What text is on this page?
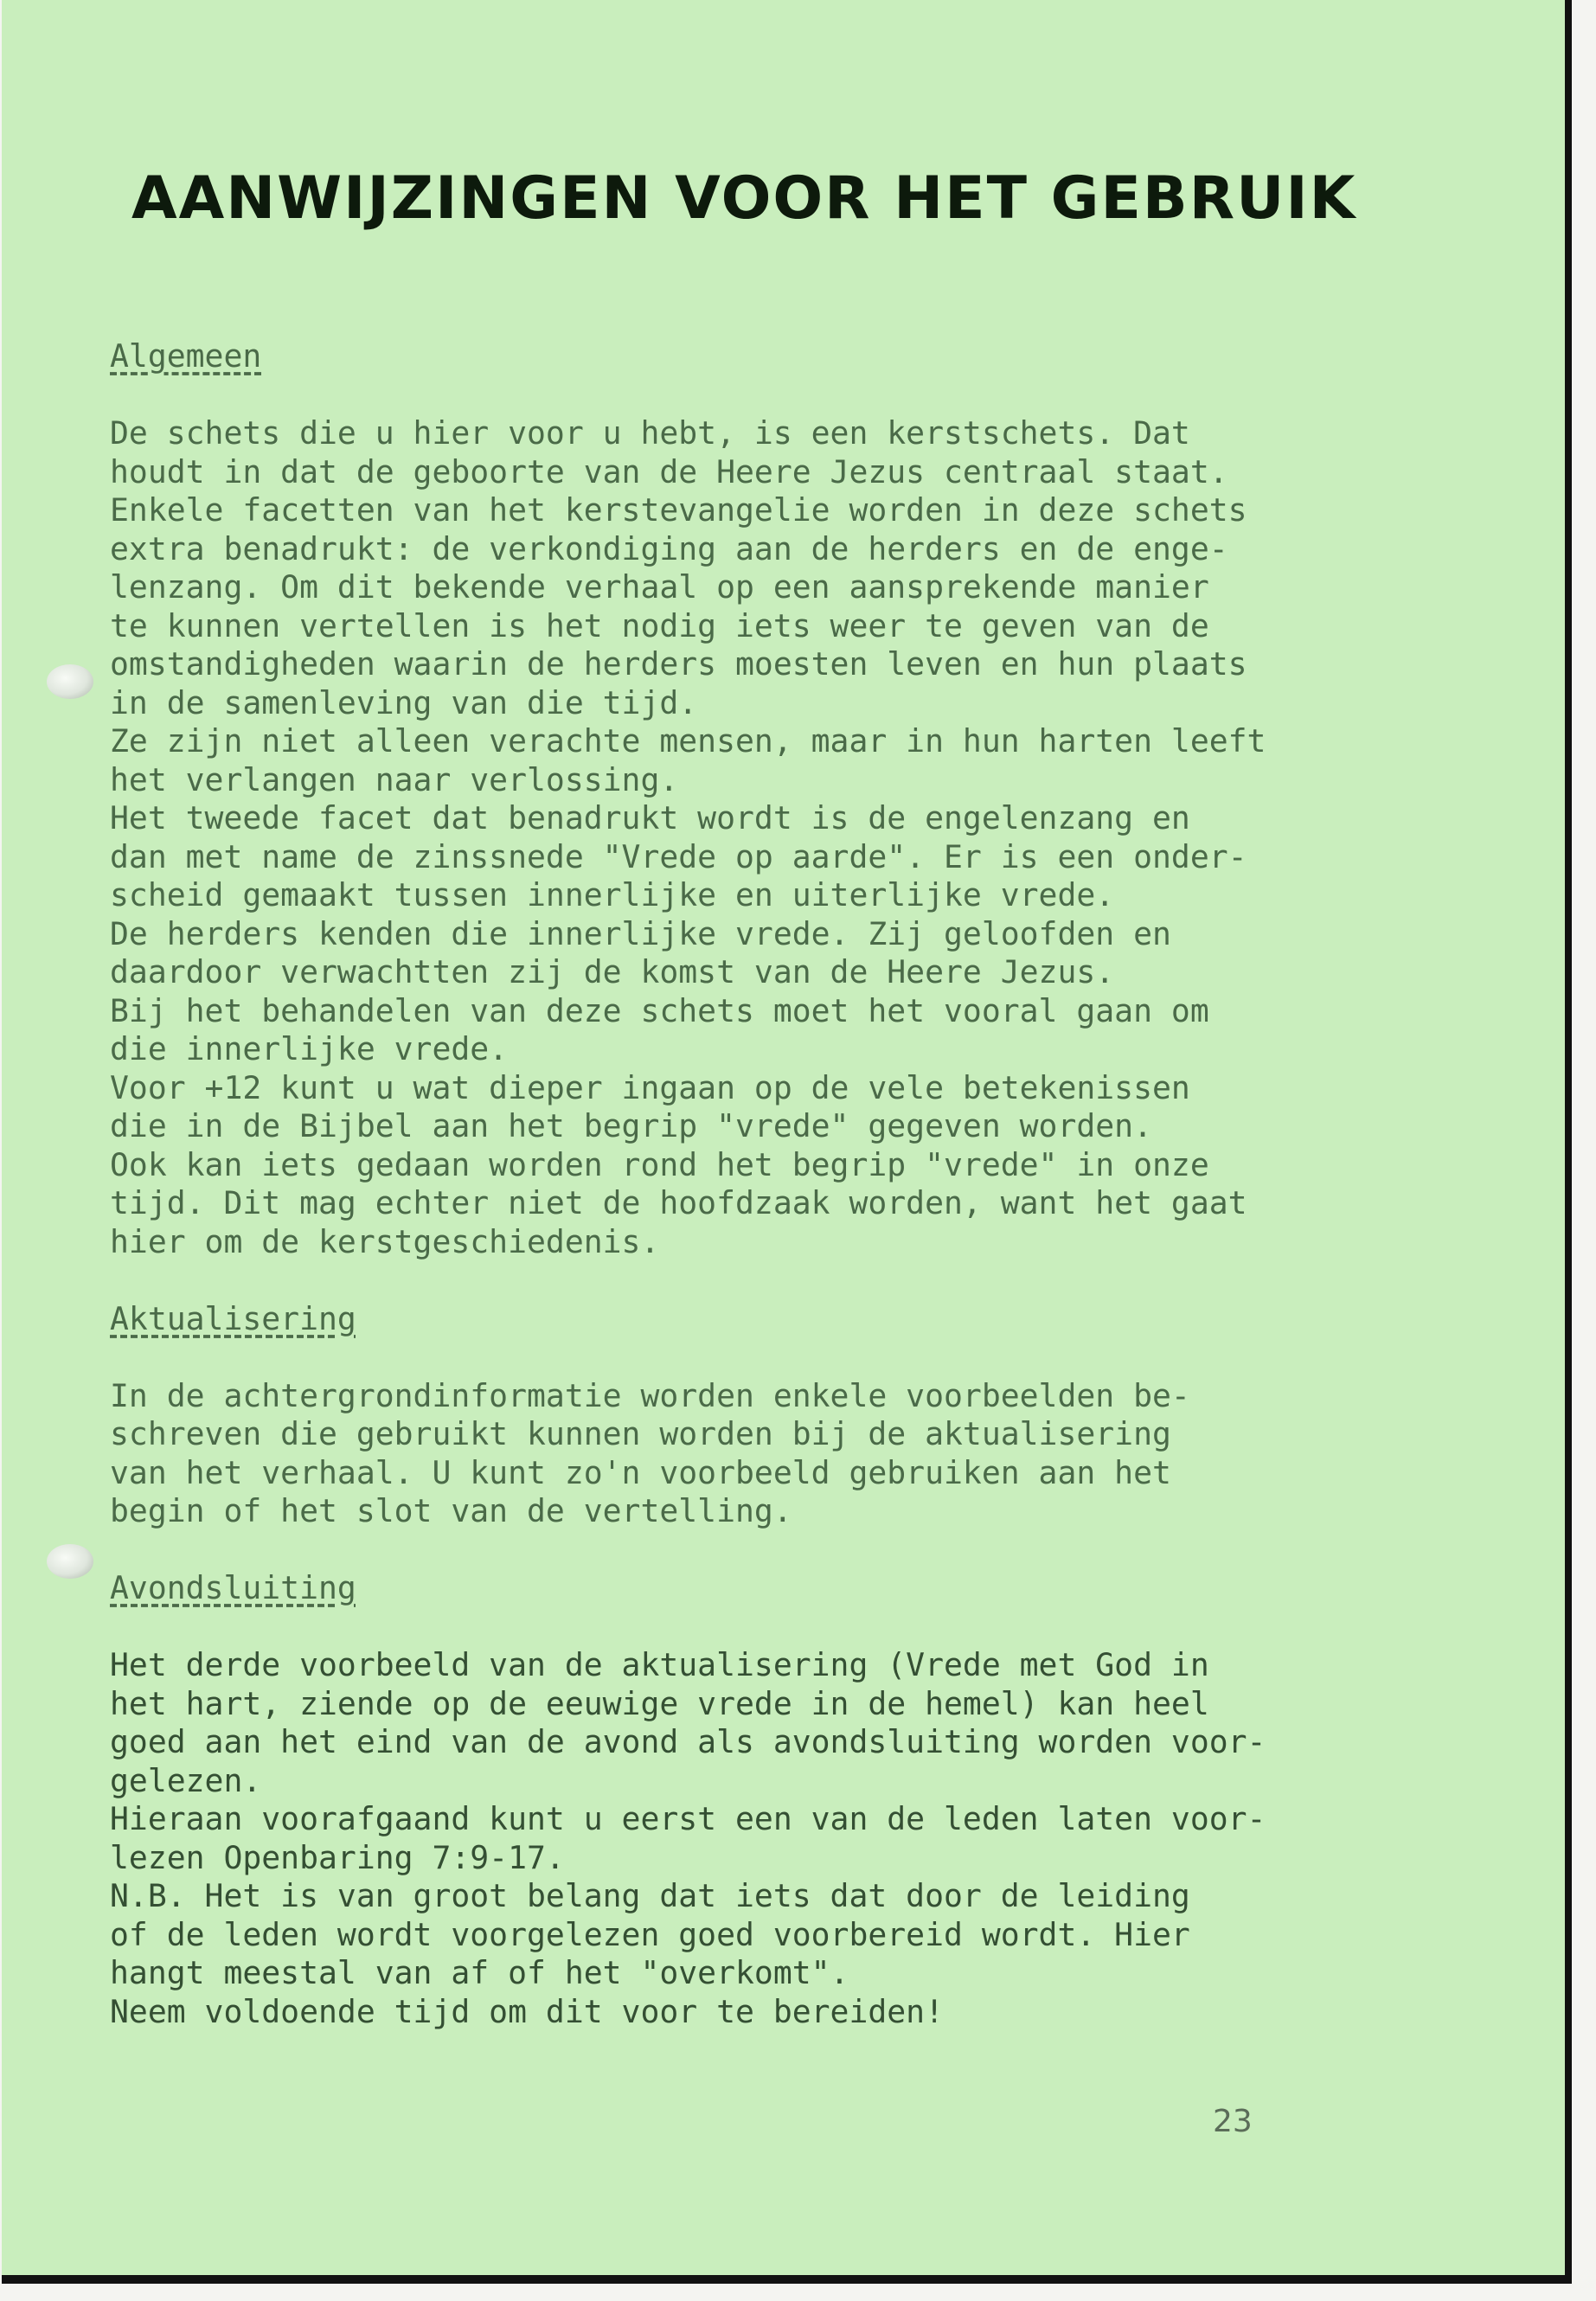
AANWIJZINGEN VOOR HET GEBRUIK
Algemeen

De schets die u hier voor u hebt, is een kerstschets. Dat
houdt in dat de geboorte van de Heere Jezus centraal staat.
Enkele facetten van het kerstevangelie worden in deze schets
extra benadrukt: de verkondiging aan de herders en de enge-
lenzang. Om dit bekende verhaal op een aansprekende manier
te kunnen vertellen is het nodig iets weer te geven van de
omstandigheden waarin de herders moesten leven en hun plaats
in de samenleving van die tijd.

Ze zijn niet alleen verachte mensen, maar in hun harten leeft
het verlangen naar verlossing.

Het tweede facet dat benadrukt wordt is de engelenzang en
dan met name de zinssnede "Vrede op aarde". Er is een onder-
scheid gemaakt tussen innerlijke en uiterlijke vrede.

De herders kenden die innerlijke vrede. Zij geloofden en
daardoor verwachtten zij de komst van de Heere Jezus.

Bij het behandelen van deze schets moet het vooral gaan om
die innerlijke vrede.

Voor +12 kunt u wat dieper ingaan op de vele betekenissen
die in de Bijbel aan het begrip "vrede" gegeven worden.

Ook kan iets gedaan worden rond het begrip "vrede" in onze
tijd. Dit mag echter niet de hoofdzaak worden, want het gaat
hier om de kerstgeschiedenis.

Aktualisering

In de achtergrondinformatie worden enkele voorbeelden be-
schreven die gebruikt kunnen worden bij de aktualisering
van het verhaal. U kunt zo'n voorbeeld gebruiken aan het
begin of het slot van de vertelling.

Avondsluiting

Het derde voorbeeld van de aktualisering (Vrede met God in
het hart, ziende op de eeuwige vrede in de hemel) kan heel
goed aan het eind van de avond als avondsluiting worden voor-
gelezen.

Hieraan voorafgaand kunt u eerst een van de leden laten voor-
lezen Openbaring 7:9-17.

N.B. Het is van groot belang dat iets dat door de leiding
of de leden wordt voorgelezen goed voorbereid wordt. Hier
hangt meestal van af of het "overkomt".

Neem voldoende tijd om dit voor te bereiden!

23
